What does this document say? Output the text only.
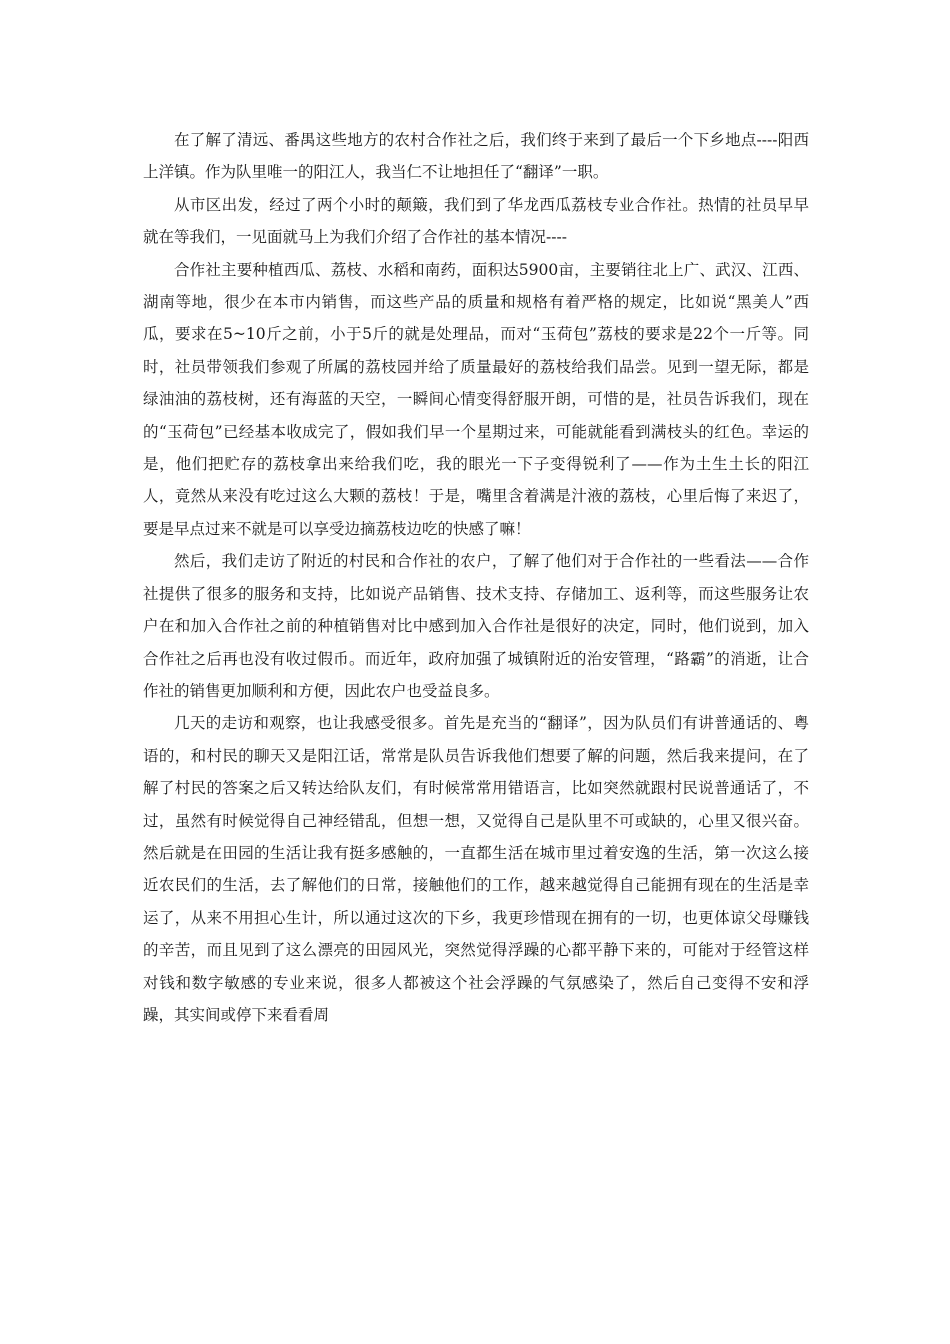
在了解了清远、番禺这些地方的农村合作社之后，我们终于来到了最后一个下乡地点----阳西上洋镇。作为队里唯一的阳江人，我当仁不让地担任了“翻译”一职。

从市区出发，经过了两个小时的颠簸，我们到了华龙西瓜荔枝专业合作社。热情的社员早早就在等我们，一见面就马上为我们介绍了合作社的基本情况----

合作社主要种植西瓜、荔枝、水稻和南药，面积达5900亩，主要销往北上广、武汉、江西、湖南等地，很少在本市内销售，而这些产品的质量和规格有着严格的规定，比如说“黑美人”西瓜，要求在5~10斤之前，小于5斤的就是处理品，而对“玉荷包”荔枝的要求是22个一斤等。同时，社员带领我们参观了所属的荔枝园并给了质量最好的荔枝给我们品尝。见到一望无际，都是绿油油的荔枝树，还有海蓝的天空，一瞬间心情变得舒服开朗，可惜的是，社员告诉我们，现在的“玉荷包”已经基本收成完了，假如我们早一个星期过来，可能就能看到满枝头的红色。幸运的是，他们把贮存的荔枝拿出来给我们吃，我的眼光一下子变得锐利了——作为土生土长的阳江人，竟然从来没有吃过这么大颗的荔枝！于是，嘴里含着满是汁液的荔枝，心里后悔了来迟了，要是早点过来不就是可以享受边摘荔枝边吃的快感了嘛！

然后，我们走访了附近的村民和合作社的农户，了解了他们对于合作社的一些看法——合作社提供了很多的服务和支持，比如说产品销售、技术支持、存储加工、返利等，而这些服务让农户在和加入合作社之前的种植销售对比中感到加入合作社是很好的决定，同时，他们说到，加入合作社之后再也没有收过假币。而近年，政府加强了城镇附近的治安管理，“路霸”的消逝，让合作社的销售更加顺利和方便，因此农户也受益良多。

几天的走访和观察，也让我感受很多。首先是充当的“翻译”，因为队员们有讲普通话的、粤语的，和村民的聊天又是阳江话，常常是队员告诉我他们想要了解的问题，然后我来提问，在了解了村民的答案之后又转达给队友们，有时候常常用错语言，比如突然就跟村民说普通话了，不过，虽然有时候觉得自己神经错乱，但想一想，又觉得自己是队里不可或缺的，心里又很兴奋。然后就是在田园的生活让我有挺多感触的，一直都生活在城市里过着安逸的生活，第一次这么接近农民们的生活，去了解他们的日常，接触他们的工作，越来越觉得自己能拥有现在的生活是幸运了，从来不用担心生计，所以通过这次的下乡，我更珍惜现在拥有的一切，也更体谅父母赚钱的辛苦，而且见到了这么漂亮的田园风光，突然觉得浮躁的心都平静下来的，可能对于经管这样对钱和数字敏感的专业来说，很多人都被这个社会浮躁的气氛感染了，然后自己变得不安和浮躁，其实间或停下来看看周
